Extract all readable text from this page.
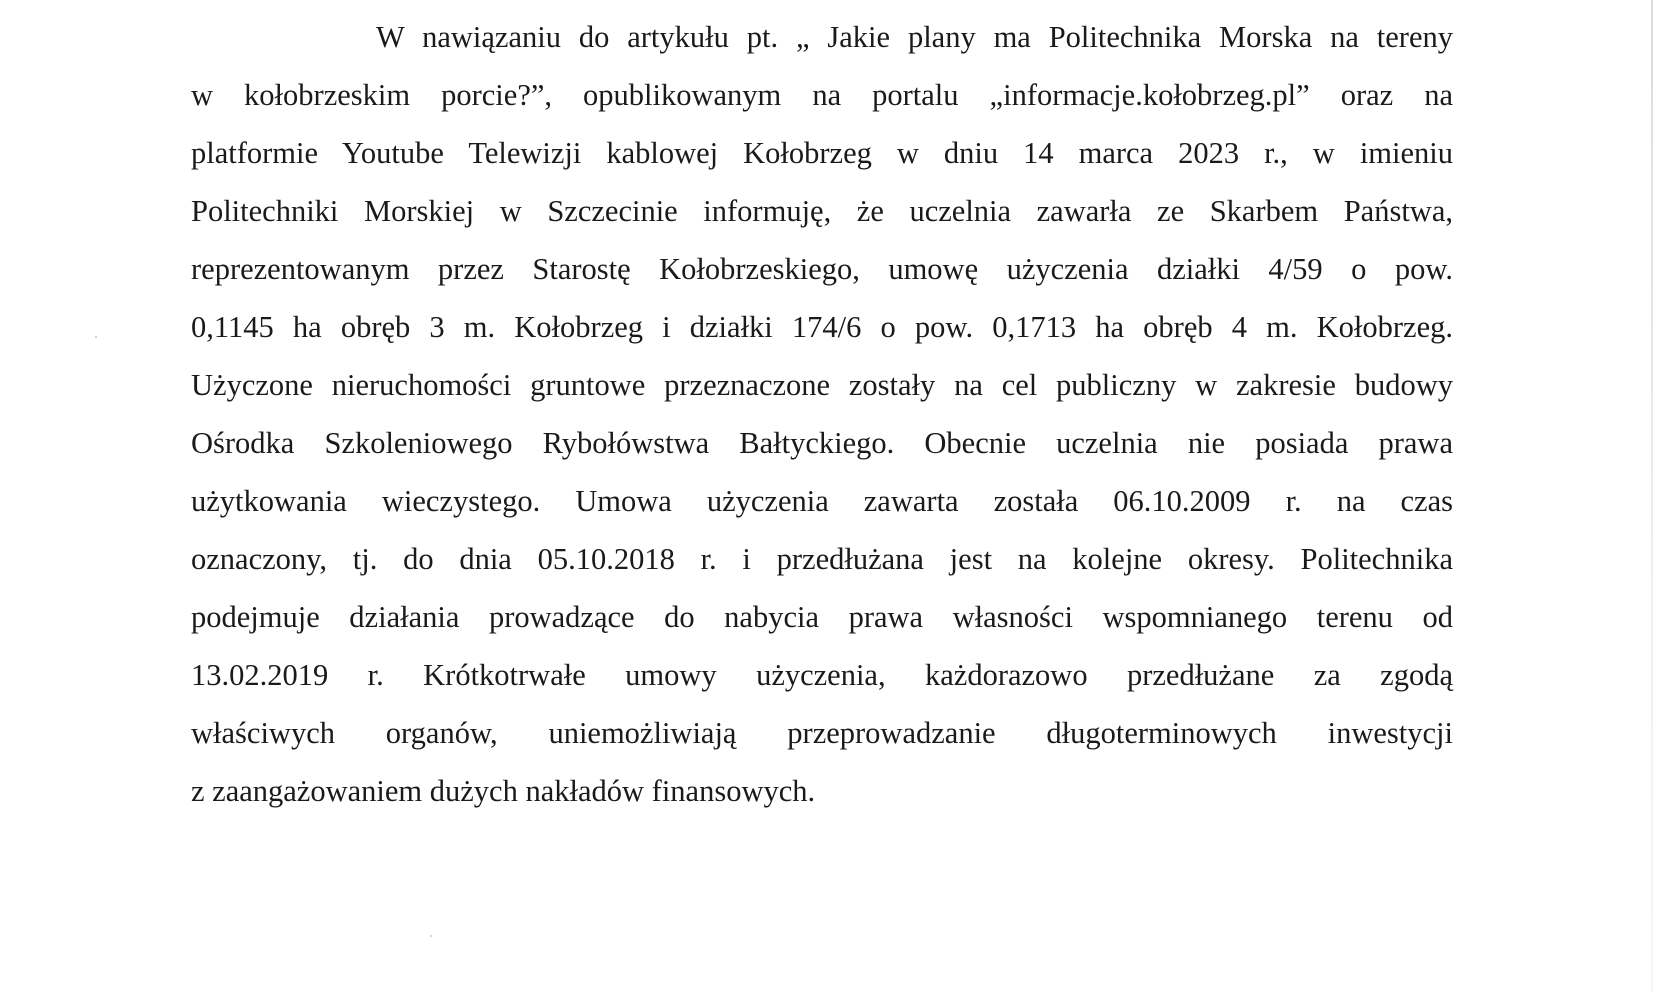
W nawiązaniu do artykułu pt. „ Jakie plany ma Politechnika Morska na tereny
w kołobrzeskim porcie?”, opublikowanym na portalu „informacje.kołobrzeg.pl” oraz na
platformie Youtube Telewizji kablowej Kołobrzeg w dniu 14 marca 2023 r., w imieniu
Politechniki Morskiej w Szczecinie informuję, że uczelnia zawarła ze Skarbem Państwa,
reprezentowanym przez Starostę Kołobrzeskiego, umowę użyczenia działki 4/59 o pow.
0,1145 ha obręb 3 m. Kołobrzeg i działki 174/6 o pow. 0,1713 ha obręb 4 m. Kołobrzeg.
Użyczone nieruchomości gruntowe przeznaczone zostały na cel publiczny w zakresie budowy
Ośrodka Szkoleniowego Rybołówstwa Bałtyckiego. Obecnie uczelnia nie posiada prawa
użytkowania wieczystego. Umowa użyczenia zawarta została 06.10.2009 r. na czas
oznaczony, tj. do dnia 05.10.2018 r. i przedłużana jest na kolejne okresy. Politechnika
podejmuje działania prowadzące do nabycia prawa własności wspomnianego terenu od
13.02.2019 r. Krótkotrwałe umowy użyczenia, każdorazowo przedłużane za zgodą
właściwych organów, uniemożliwiają przeprowadzanie długoterminowych inwestycji
z zaangażowaniem dużych nakładów finansowych.
